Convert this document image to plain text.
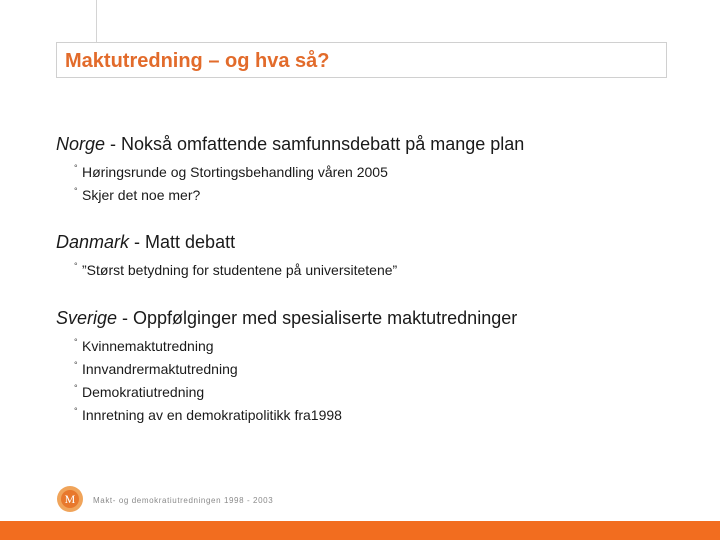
Maktutredning – og hva så?
Norge - Nokså omfattende samfunnsdebatt på mange plan
° Høringsrunde og Stortingsbehandling våren 2005
° Skjer det noe mer?
Danmark - Matt debatt
° ”Størst betydning for studentene på universitetene”
Sverige - Oppfølginger med spesialiserte maktutredninger
° Kvinnemaktutredning
° Innvandrermaktutredning
° Demokratiutredning
° Innretning av en demokratipolitikk fra1998
M Makt- og demokratiutredningen 1998 - 2003
